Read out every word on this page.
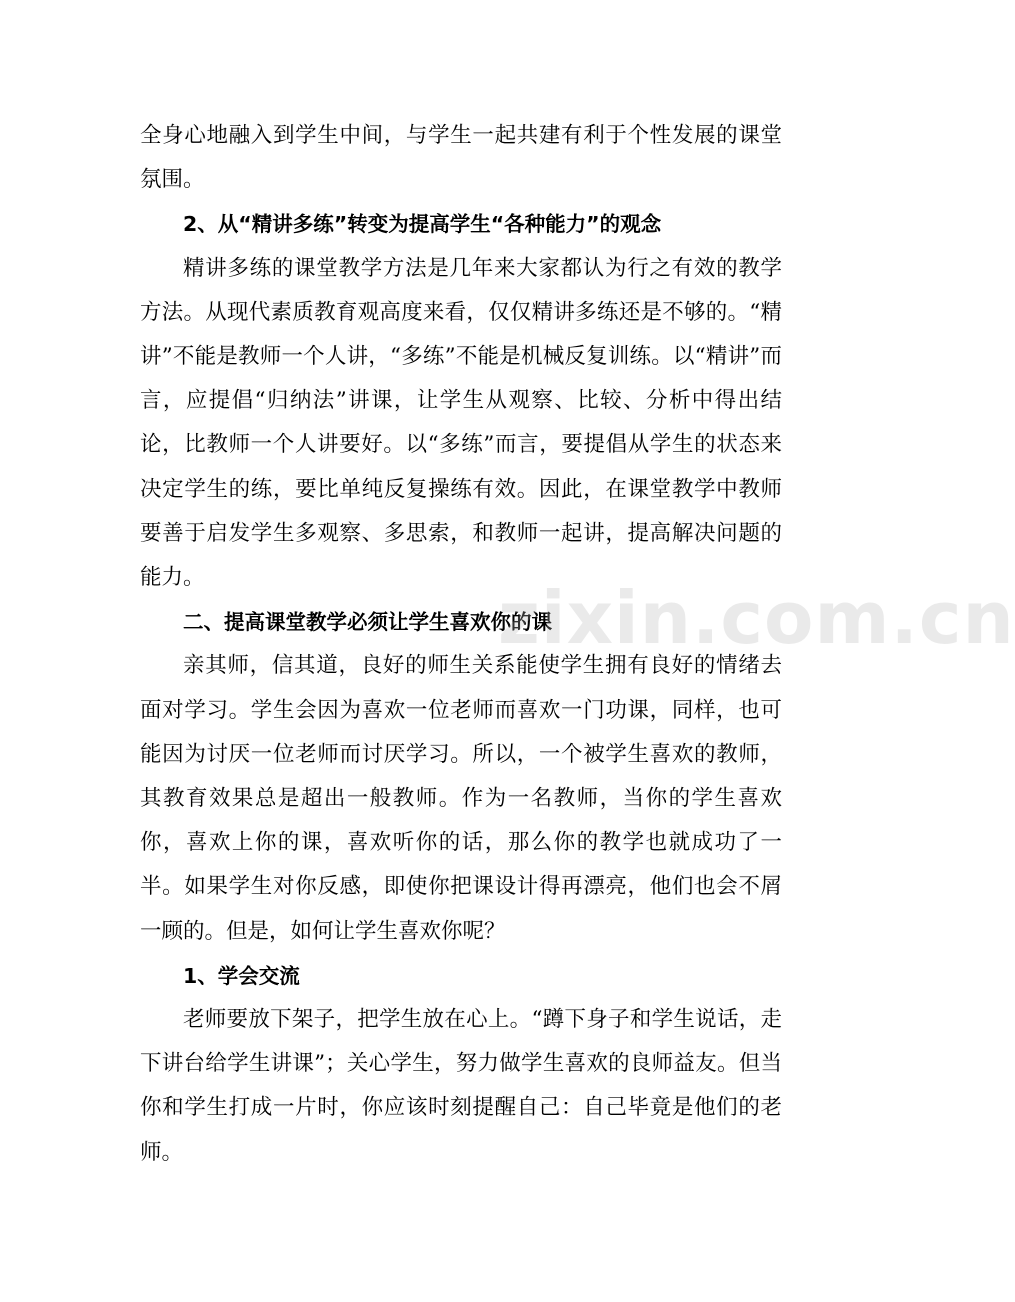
全身心地融入到学生中间，与学生一起共建有利于个性发展的课堂氛围。

2、从“精讲多练”转变为提高学生“各种能力”的观念

精讲多练的课堂教学方法是几年来大家都认为行之有效的教学方法。从现代素质教育观高度来看，仅仅精讲多练还是不够的。“精讲”不能是教师一个人讲，“多练”不能是机械反复训练。以“精讲”而言，应提倡“归纳法”讲课，让学生从观察、比较、分析中得出结论，比教师一个人讲要好。以“多练”而言，要提倡从学生的状态来决定学生的练，要比单纯反复操练有效。因此，在课堂教学中教师要善于启发学生多观察、多思索，和教师一起讲，提高解决问题的能力。

二、提高课堂教学必须让学生喜欢你的课

亲其师，信其道，良好的师生关系能使学生拥有良好的情绪去面对学习。学生会因为喜欢一位老师而喜欢一门功课，同样，也可能因为讨厌一位老师而讨厌学习。所以，一个被学生喜欢的教师，其教育效果总是超出一般教师。作为一名教师，当你的学生喜欢你，喜欢上你的课，喜欢听你的话，那么你的教学也就成功了一半。如果学生对你反感，即使你把课设计得再漂亮，他们也会不屑一顾的。但是，如何让学生喜欢你呢？

1、学会交流

老师要放下架子，把学生放在心上。“蹲下身子和学生说话，走下讲台给学生讲课”；关心学生，努力做学生喜欢的良师益友。但当你和学生打成一片时，你应该时刻提醒自己：自己毕竟是他们的老师。

zixin.com.cn
